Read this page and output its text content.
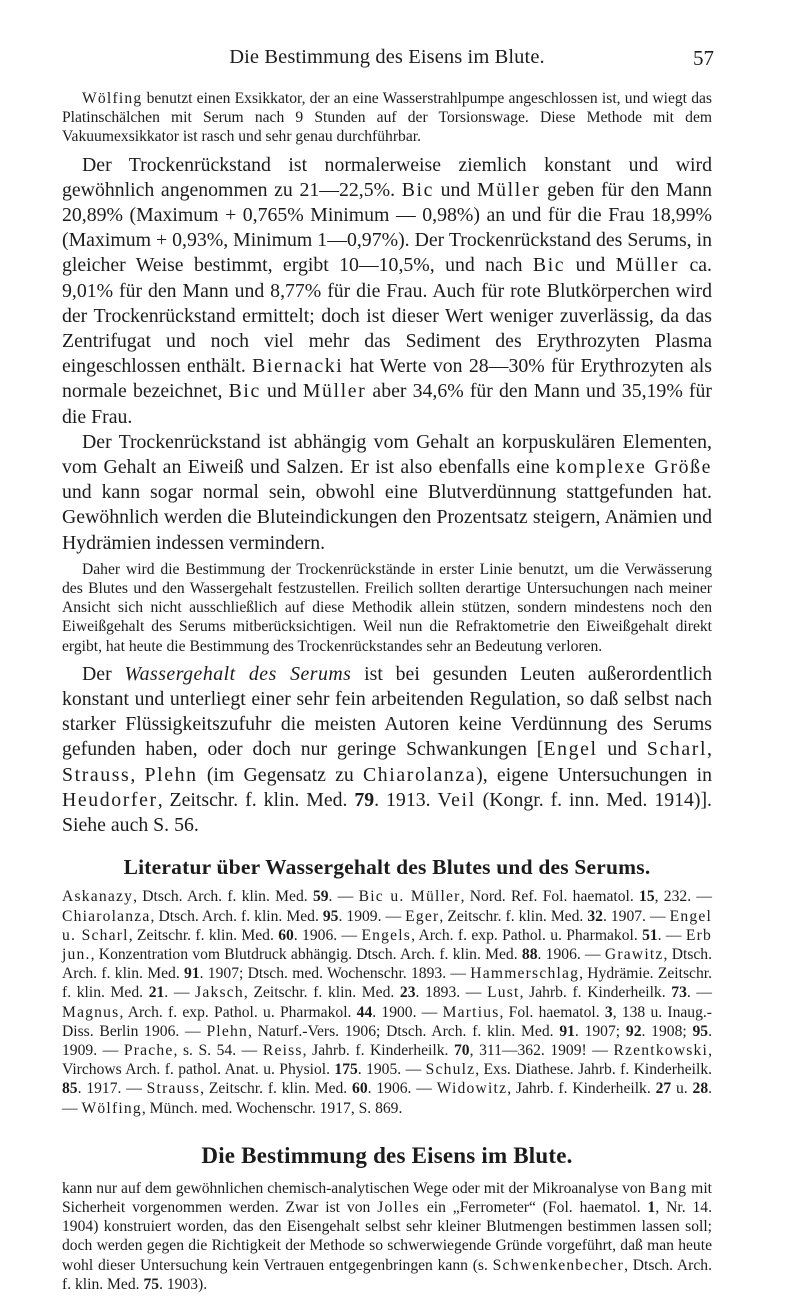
Die Bestimmung des Eisens im Blute.	57

Wölfing benutzt einen Exsikkator, der an eine Wasserstrahlpumpe angeschlossen ist, und wiegt das Platinschälchen mit Serum nach 9 Stunden auf der Torsionswage. Diese Methode mit dem Vakuumexsikkator ist rasch und sehr genau durchführbar.

Der Trockenrückstand ist normalerweise ziemlich konstant und wird gewöhnlich angenommen zu 21—22,5%. Bic und Müller geben für den Mann 20,89% (Maximum + 0,765% Minimum — 0,98%) an und für die Frau 18,99% (Maximum + 0,93%, Minimum 1—0,97%). Der Trockenrückstand des Serums, in gleicher Weise bestimmt, ergibt 10—10,5%, und nach Bic und Müller ca. 9,01% für den Mann und 8,77% für die Frau. Auch für rote Blutkörperchen wird der Trockenrückstand ermittelt; doch ist dieser Wert weniger zuverlässig, da das Zentrifugat und noch viel mehr das Sediment des Erythrozyten Plasma eingeschlossen enthält. Biernacki hat Werte von 28—30% für Erythrozyten als normale bezeichnet, Bic und Müller aber 34,6% für den Mann und 35,19% für die Frau.

Der Trockenrückstand ist abhängig vom Gehalt an korpuskulären Elementen, vom Gehalt an Eiweiß und Salzen. Er ist also ebenfalls eine komplexe Größe und kann sogar normal sein, obwohl eine Blutverdünnung stattgefunden hat. Gewöhnlich werden die Bluteindickungen den Prozentsatz steigern, Anämien und Hydrämien indessen vermindern.

Daher wird die Bestimmung der Trockenrückstände in erster Linie benutzt, um die Verwässerung des Blutes und den Wassergehalt festzustellen. Freilich sollten derartige Untersuchungen nach meiner Ansicht sich nicht ausschließlich auf diese Methodik allein stützen, sondern mindestens noch den Eiweißgehalt des Serums mitberücksichtigen. Weil nun die Refraktometrie den Eiweißgehalt direkt ergibt, hat heute die Bestimmung des Trockenrückstandes sehr an Bedeutung verloren.

Der Wassergehalt des Serums ist bei gesunden Leuten außerordentlich konstant und unterliegt einer sehr fein arbeitenden Regulation, so daß selbst nach starker Flüssigkeitszufuhr die meisten Autoren keine Verdünnung des Serums gefunden haben, oder doch nur geringe Schwankungen [Engel und Scharl, Strauss, Plehn (im Gegensatz zu Chiarolanza), eigene Untersuchungen in Heudorfer, Zeitschr. f. klin. Med. 79. 1913. Veil (Kongr. f. inn. Med. 1914)]. Siehe auch S. 56.

Literatur über Wassergehalt des Blutes und des Serums.

Askanazy, Dtsch. Arch. f. klin. Med. 59. — Bic u. Müller, Nord. Ref. Fol. haematol. 15, 232. — Chiarolanza, Dtsch. Arch. f. klin. Med. 95. 1909. — Eger, Zeitschr. f. klin. Med. 32. 1907. — Engel u. Scharl, Zeitschr. f. klin. Med. 60. 1906. — Engels, Arch. f. exp. Pathol. u. Pharmakol. 51. — Erb jun., Konzentration vom Blutdruck abhängig. Dtsch. Arch. f. klin. Med. 88. 1906. — Grawitz, Dtsch. Arch. f. klin. Med. 91. 1907; Dtsch. med. Wochenschr. 1893. — Hammerschlag, Hydrämie. Zeitschr. f. klin. Med. 21. — Jaksch, Zeitschr. f. klin. Med. 23. 1893. — Lust, Jahrb. f. Kinderheilk. 73. — Magnus, Arch. f. exp. Pathol. u. Pharmakol. 44. 1900. — Martius, Fol. haematol. 3, 138 u. Inaug.-Diss. Berlin 1906. — Plehn, Naturf.-Vers. 1906; Dtsch. Arch. f. klin. Med. 91. 1907; 92. 1908; 95. 1909. — Prache, s. S. 54. — Reiss, Jahrb. f. Kinderheilk. 70, 311—362. 1909! — Rzentkowski, Virchows Arch. f. pathol. Anat. u. Physiol. 175. 1905. — Schulz, Exs. Diathese. Jahrb. f. Kinderheilk. 85. 1917. — Strauss, Zeitschr. f. klin. Med. 60. 1906. — Widowitz, Jahrb. f. Kinderheilk. 27 u. 28. — Wölfing, Münch. med. Wochenschr. 1917, S. 869.

Die Bestimmung des Eisens im Blute.

kann nur auf dem gewöhnlichen chemisch-analytischen Wege oder mit der Mikroanalyse von Bang mit Sicherheit vorgenommen werden. Zwar ist von Jolles ein „Ferrometer“ (Fol. haematol. 1, Nr. 14. 1904) konstruiert worden, das den Eisengehalt selbst sehr kleiner Blutmengen bestimmen lassen soll; doch werden gegen die Richtigkeit der Methode so schwerwiegende Gründe vorgeführt, daß man heute wohl dieser Untersuchung kein Vertrauen entgegenbringen kann (s. Schwenkenbecher, Dtsch. Arch. f. klin. Med. 75. 1903).
